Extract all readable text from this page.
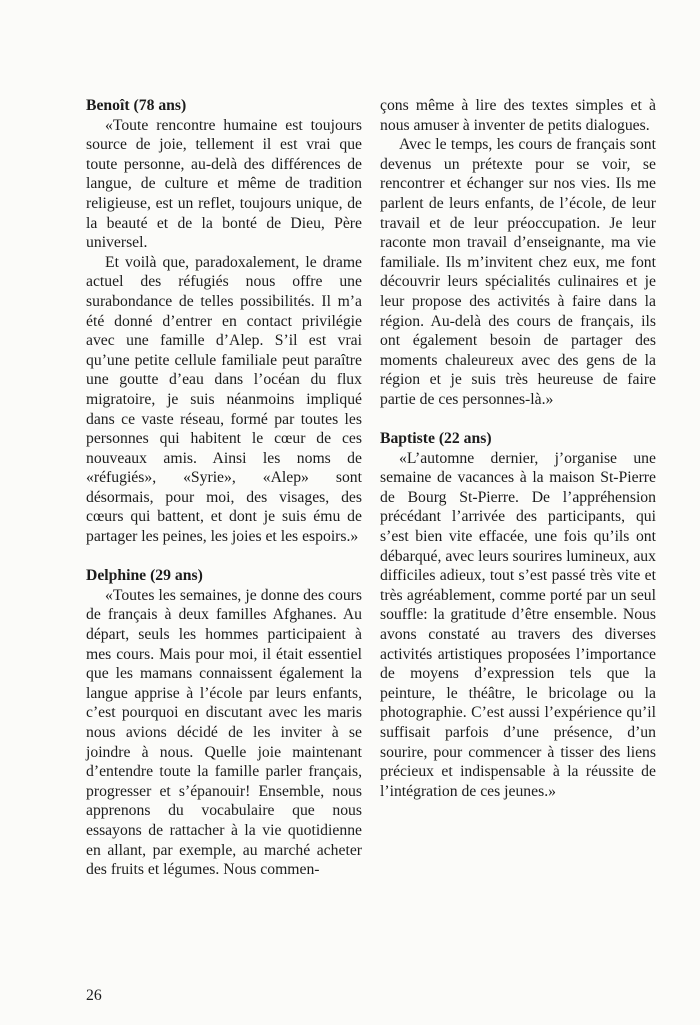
Benoît (78 ans)

«Toute rencontre humaine est toujours source de joie, tellement il est vrai que toute personne, au-delà des différences de langue, de culture et même de tradition religieuse, est un reflet, toujours unique, de la beauté et de la bonté de Dieu, Père universel.

Et voilà que, paradoxalement, le drame actuel des réfugiés nous offre une surabondance de telles possibilités. Il m’a été donné d’entrer en contact privilégie avec une famille d’Alep. S’il est vrai qu’une petite cellule familiale peut paraître une goutte d’eau dans l’océan du flux migratoire, je suis néanmoins impliqué dans ce vaste réseau, formé par toutes les personnes qui habitent le cœur de ces nouveaux amis. Ainsi les noms de «réfugiés», «Syrie», «Alep» sont désormais, pour moi, des visages, des cœurs qui battent, et dont je suis ému de partager les peines, les joies et les espoirs.»

Delphine (29 ans)

«Toutes les semaines, je donne des cours de français à deux familles Afghanes. Au départ, seuls les hommes participaient à mes cours. Mais pour moi, il était essentiel que les mamans connaissent également la langue apprise à l’école par leurs enfants, c’est pourquoi en discutant avec les maris nous avions décidé de les inviter à se joindre à nous. Quelle joie maintenant d’entendre toute la famille parler français, progresser et s’épanouir! Ensemble, nous apprenons du vocabulaire que nous essayons de rattacher à la vie quotidienne en allant, par exemple, au marché acheter des fruits et légumes. Nous commen-

çons même à lire des textes simples et à nous amuser à inventer de petits dialogues.

Avec le temps, les cours de français sont devenus un prétexte pour se voir, se rencontrer et échanger sur nos vies. Ils me parlent de leurs enfants, de l’école, de leur travail et de leur préoccupation. Je leur raconte mon travail d’enseignante, ma vie familiale. Ils m’invitent chez eux, me font découvrir leurs spécialités culinaires et je leur propose des activités à faire dans la région. Au-delà des cours de français, ils ont également besoin de partager des moments chaleureux avec des gens de la région et je suis très heureuse de faire partie de ces personnes-là.»

Baptiste (22 ans)

«L’automne dernier, j’organise une semaine de vacances à la maison St-Pierre de Bourg St-Pierre. De l’appréhension précédant l’arrivée des participants, qui s’est bien vite effacée, une fois qu’ils ont débarqué, avec leurs sourires lumineux, aux difficiles adieux, tout s’est passé très vite et très agréablement, comme porté par un seul souffle: la gratitude d’être ensemble. Nous avons constaté au travers des diverses activités artistiques proposées l’importance de moyens d’expression tels que la peinture, le théâtre, le bricolage ou la photographie. C’est aussi l’expérience qu’il suffisait parfois d’une présence, d’un sourire, pour commencer à tisser des liens précieux et indispensable à la réussite de l’intégration de ces jeunes.»

26
